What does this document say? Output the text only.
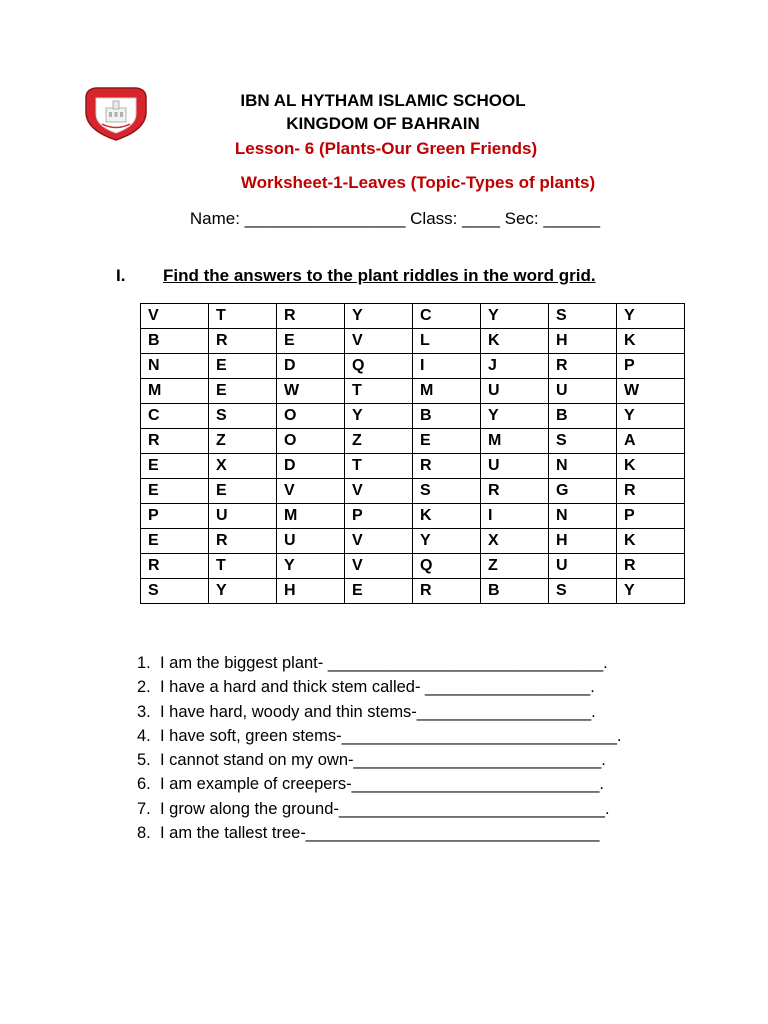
IBN AL HYTHAM ISLAMIC SCHOOL
KINGDOM OF BAHRAIN
Lesson- 6 (Plants-Our Green Friends)
Worksheet-1-Leaves (Topic-Types of plants)
Name: _________________ Class: ____ Sec: ______
I. Find the answers to the plant riddles in the word grid.
V	T	R	Y	C	Y	S	Y
B	R	E	V	L	K	H	K
N	E	D	Q	I	J	R	P
M	E	W	T	M	U	U	W
C	S	O	Y	B	Y	B	Y
R	Z	O	Z	E	M	S	A
E	X	D	T	R	U	N	K
E	E	V	V	S	R	G	R
P	U	M	P	K	I	N	P
E	R	U	V	Y	X	H	K
R	T	Y	V	Q	Z	U	R
S	Y	H	E	R	B	S	Y
1. I am the biggest plant- ______________________________.
2. I have a hard and thick stem called- __________________.
3. I have hard, woody and thin stems-___________________.
4. I have soft, green stems-______________________________.
5. I cannot stand on my own-___________________________.
6. I am example of creepers-___________________________.
7. I grow along the ground-_____________________________.
8. I am the tallest tree-________________________________
